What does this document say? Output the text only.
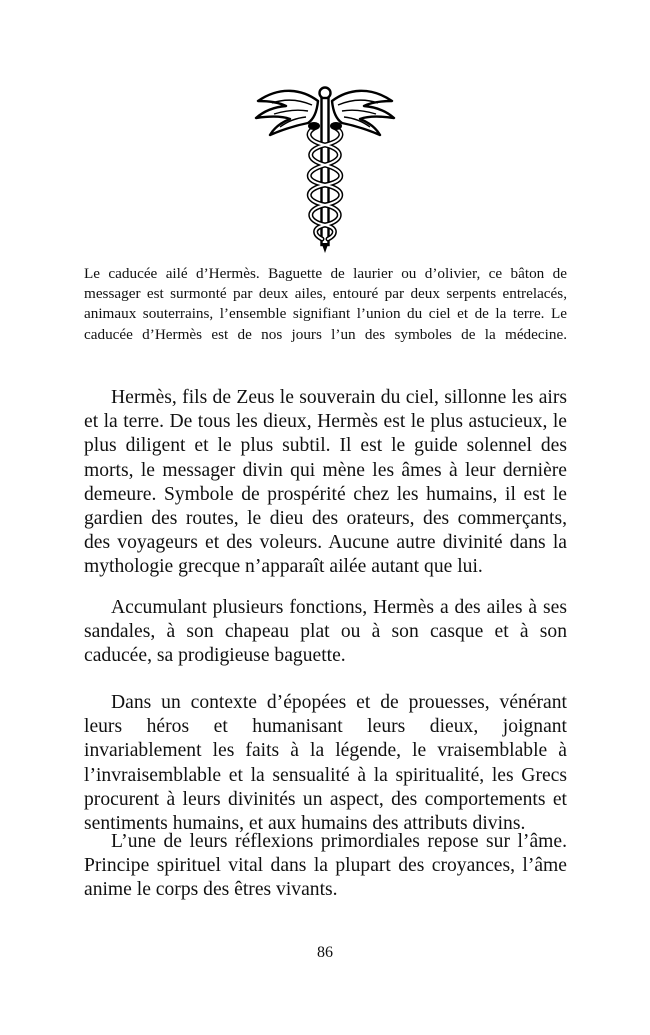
Le caducée ailé d’Hermès. Baguette de laurier ou d’olivier, ce bâton de messager est surmonté par deux ailes, entouré par deux serpents entrelacés, animaux souterrains, l’ensemble signifiant l’union du ciel et de la terre. Le caducée d’Hermès est de nos jours l’un des symboles de la médecine.

Hermès, fils de Zeus le souverain du ciel, sillonne les airs et la terre. De tous les dieux, Hermès est le plus astucieux, le plus diligent et le plus subtil. Il est le guide solennel des morts, le messager divin qui mène les âmes à leur dernière demeure. Symbole de prospérité chez les humains, il est le gardien des routes, le dieu des orateurs, des commerçants, des voyageurs et des voleurs. Aucune autre divinité dans la mythologie grecque n’apparaît ailée autant que lui.

Accumulant plusieurs fonctions, Hermès a des ailes à ses sandales, à son chapeau plat ou à son casque et à son caducée, sa prodigieuse baguette.

Dans un contexte d’épopées et de prouesses, vénérant leurs héros et humanisant leurs dieux, joignant invariablement les faits à la légende, le vraisemblable à l’invraisemblable et la sensualité à la spiritualité, les Grecs procurent à leurs divinités un aspect, des comportements et sentiments humains, et aux humains des attributs divins.

L’une de leurs réflexions primordiales repose sur l’âme. Principe spirituel vital dans la plupart des croyances, l’âme anime le corps des êtres vivants.

86
